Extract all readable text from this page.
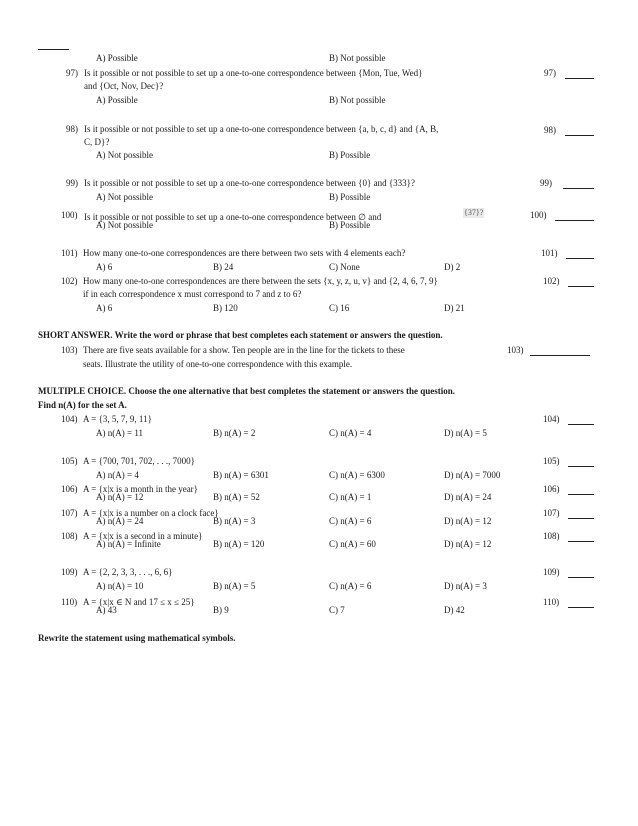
A) Possible	B) Not possible
97) Is it possible or not possible to set up a one-to-one correspondence between {Mon, Tue, Wed}
and {Oct, Nov, Dec}?
97)
A) Possible	B) Not possible
98) Is it possible or not possible to set up a one-to-one correspondence between {a, b, c, d} and {A, B,
C, D}?
98)
A) Not possible	B) Possible
99) Is it possible or not possible to set up a one-to-one correspondence between {0} and {333}?	99)
A) Not possible	B) Possible
100) Is it possible or not possible to set up a one-to-one correspondence between ∅ and	{37}?	100)
A) Not possible	B) Possible
101) How many one-to-one correspondences are there between two sets with 4 elements each?	101)
A) 6	B) 24	C) None	D) 2
102) How many one-to-one correspondences are there between the sets {x, y, z, u, v} and {2, 4, 6, 7, 9}
if in each correspondence x must correspond to 7 and z to 6?
102)
A) 6	B) 120	C) 16	D) 21
SHORT ANSWER. Write the word or phrase that best completes each statement or answers the question.
103) There are five seats available for a show. Ten people are in the line for the tickets to these
seats. Illustrate the utility of one-to-one correspondence with this example.
103)
MULTIPLE CHOICE. Choose the one alternative that best completes the statement or answers the question.
Find n(A) for the set A.
104) A = {3, 5, 7, 9, 11}	104)
A) n(A) = 11	B) n(A) = 2	C) n(A) = 4	D) n(A) = 5
105) A = {700, 701, 702, . . ., 7000}	105)
A) n(A) = 4	B) n(A) = 6301	C) n(A) = 6300	D) n(A) = 7000
106) A = {x|x is a month in the year}	106)
A) n(A) = 12	B) n(A) = 52	C) n(A) = 1	D) n(A) = 24
107) A = {x|x is a number on a clock face}	107)
A) n(A) = 24	B) n(A) = 3	C) n(A) = 6	D) n(A) = 12
108) A = {x|x is a second in a minute}	108)
A) n(A) = Infinite	B) n(A) = 120	C) n(A) = 60	D) n(A) = 12
109) A = {2, 2, 3, 3, . . ., 6, 6}	109)
A) n(A) = 10	B) n(A) = 5	C) n(A) = 6	D) n(A) = 3
110) A = {x|x ∈ N and 17 ≤ x ≤ 25}	110)
A) 43	B) 9	C) 7	D) 42
Rewrite the statement using mathematical symbols.
